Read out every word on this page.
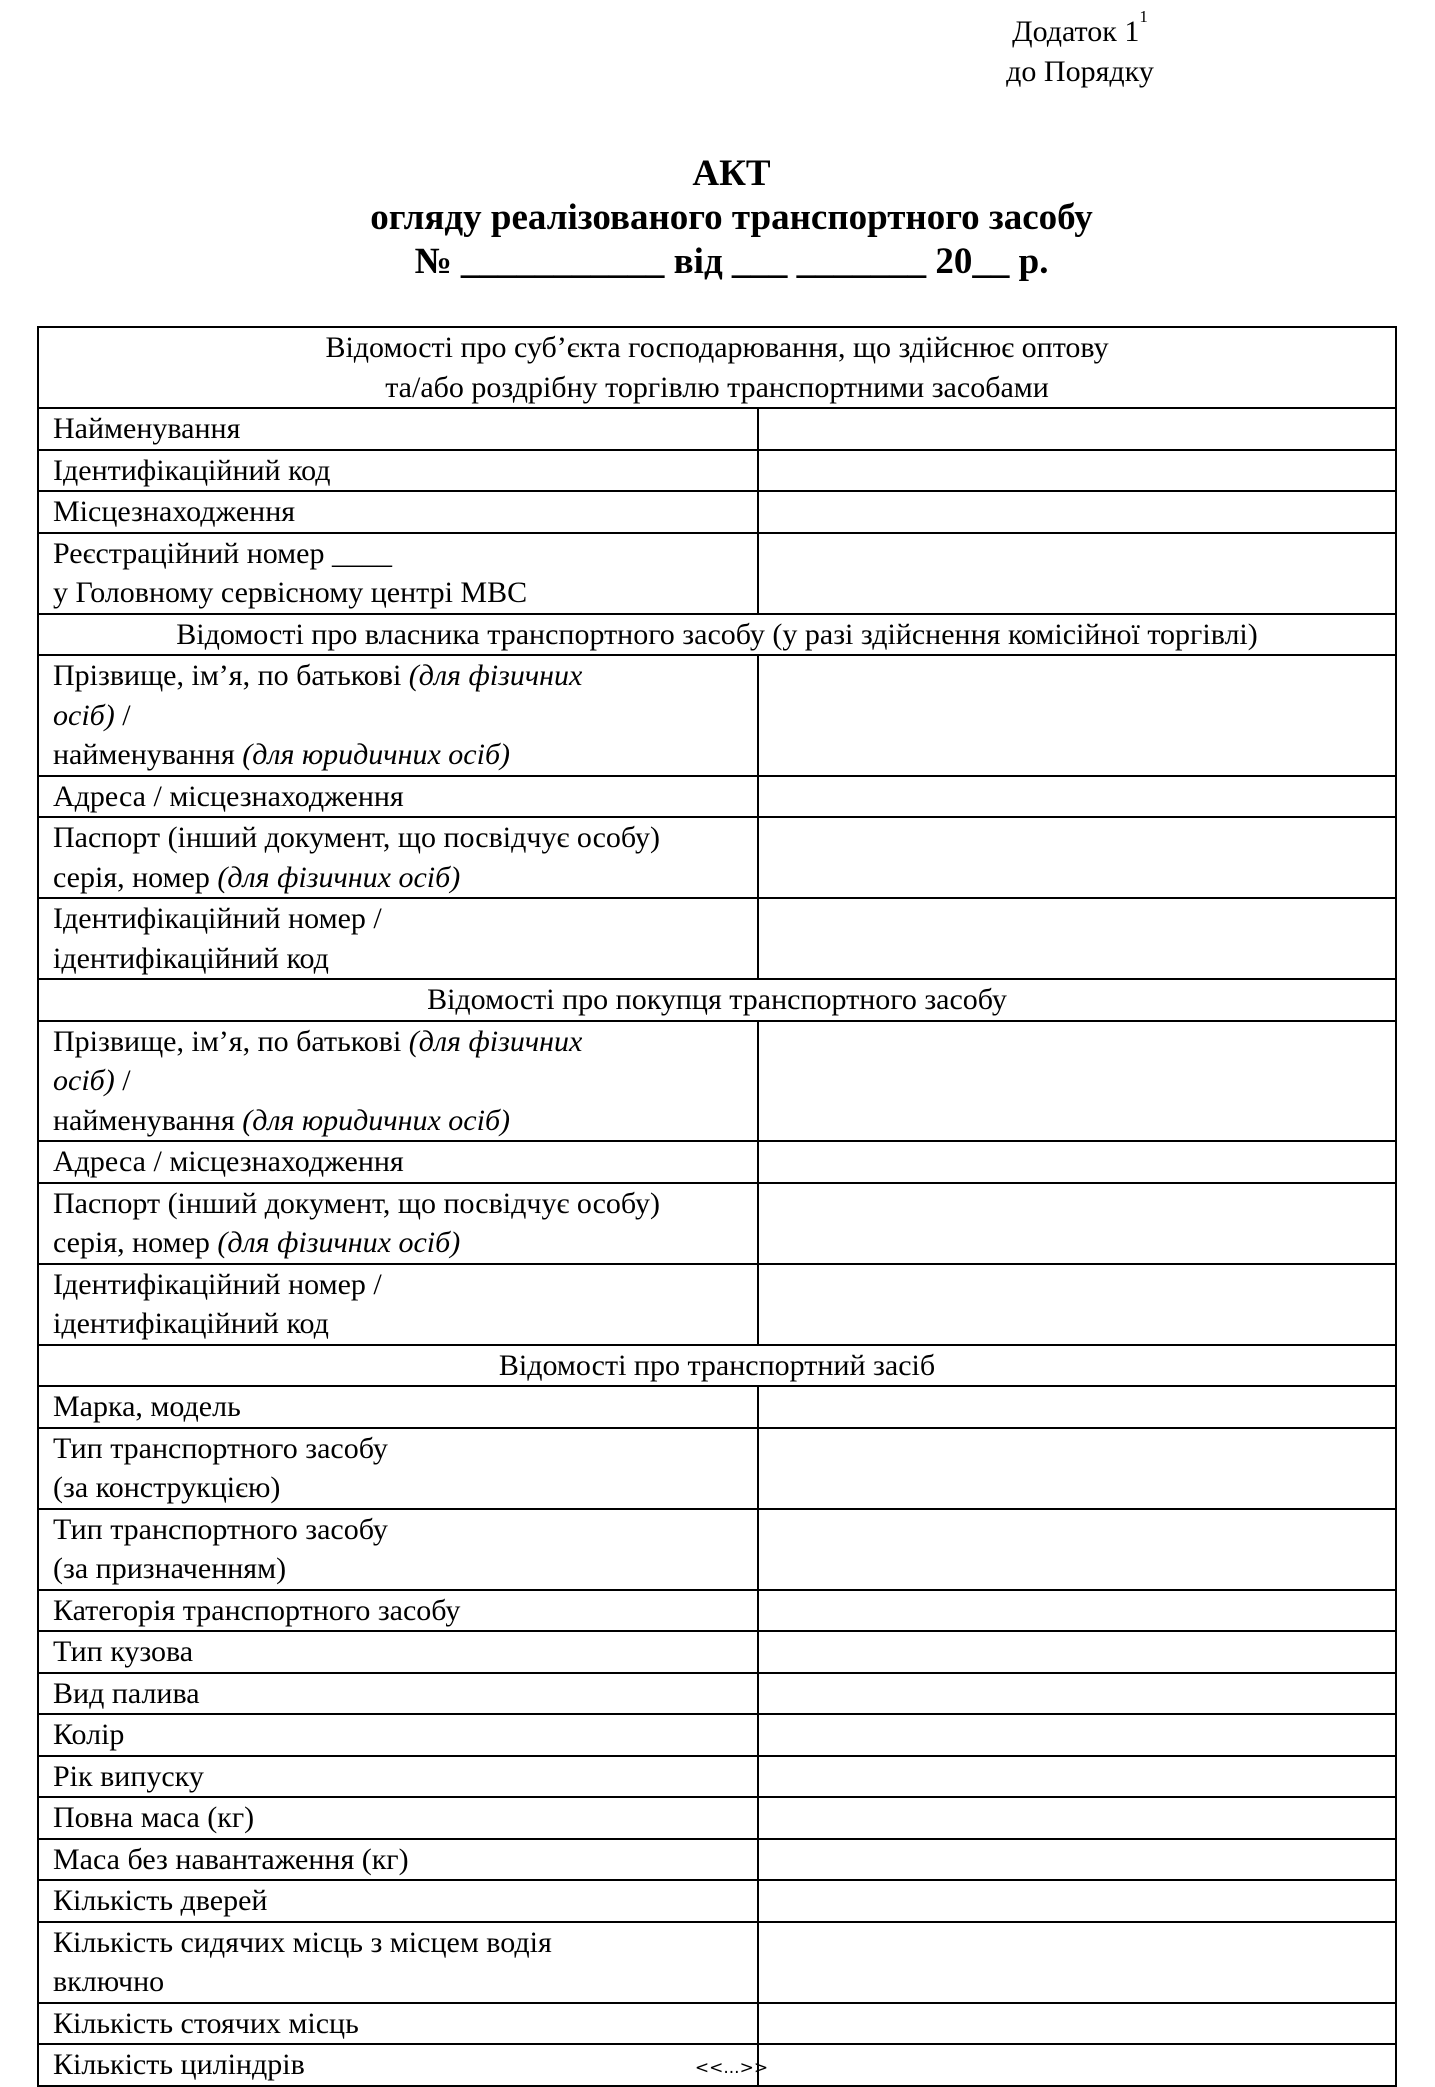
Додаток $1^1$
до Порядку
АКТ
огляду реалізованого транспортного засобу
№ ___________ від ___ _______ 20__ р.
Відомості про суб’єкта господарювання, що здійснює оптову
та/або роздрібну торгівлю транспортними засобами	

Найменування	
Ідентифікаційний код	
Місцезнаходження	

Реєстраційний номер ____
у Головному сервісному центрі МВС	

Відомості про власника транспортного засобу (у разі здійснення комісійної торгівлі)	

Прізвище, ім’я, по батькові (для фізичних
осіб) /
найменування (для юридичних осіб)	

Адреса / місцезнаходження	

Паспорт (інший документ, що посвідчує особу)
серія, номер (для фізичних осіб)	

Ідентифікаційний номер /
ідентифікаційний код	

Відомості про покупця транспортного засобу	

Прізвище, ім’я, по батькові (для фізичних
осіб) /
найменування (для юридичних осіб)	

Адреса / місцезнаходження	

Паспорт (інший документ, що посвідчує особу)
серія, номер (для фізичних осіб)	

Ідентифікаційний номер /
ідентифікаційний код	

Відомості про транспортний засіб	
Марка, модель	

Тип транспортного засобу
(за конструкцією)	

Тип транспортного засобу
(за призначенням)	

Категорія транспортного засобу	
Тип кузова	
Вид палива	
Колір	
Рік випуску	
Повна маса (кг)	
Маса без навантаження (кг)	
Кількість дверей	

Кількість сидячих місць з місцем водія
включно	

Кількість стоячих місць	
Кількість циліндрів		<<...>>
